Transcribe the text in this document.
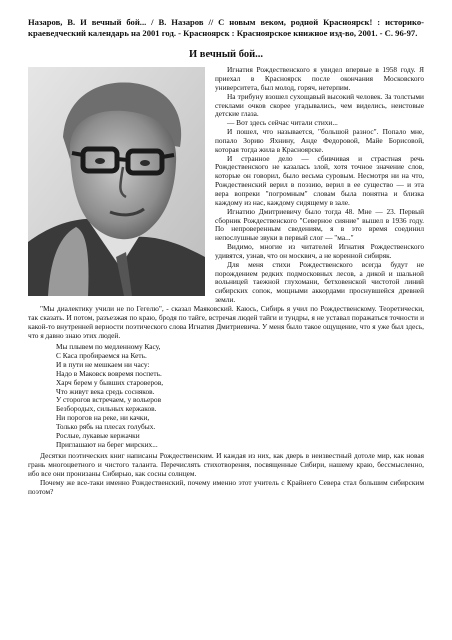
Назаров, В. И вечный бой... / В. Назаров // С новым веком, родной Красноярск! : историко-краеведческий календарь на 2001 год. - Красноярск : Красноярское книжное изд-во, 2001. - С. 96-97.

И вечный бой...

Игнатия Рождественского я увидел впервые в 1958 году. Я приехал в Красноярск после окончания Московского университета, был молод, горяч, нетерпим.

На трибуну взошел сухощавый высокий человек. За толстыми стеклами очков скорее угадывались, чем виделись, неистовые детские глаза.

— Вот здесь сейчас читали стихи...

И пошел, что называется, "большой разнос". Попало мне, попало Зорию Яхнину, Анде Федоровой, Майе Борисовой, которая тогда жила в Красноярске.

И странное дело — сбивчивая и страстная речь Рождественского не казалась злой, хотя точное значение слов, которые он говорил, было весьма суровым. Несмотря ни на что, Рождественский верил в поэзию, верил в ее существо — и эта вера вопреки "погромным" словам была понятна и близка каждому из нас, каждому сидящему в зале.

Игнатию Дмитриевичу было тогда 48. Мне — 23. Первый сборник Рождественского "Северное сияние" вышел в 1936 году. По непроверенным сведениям, я в это время соединил непослушные звуки в первый слог — "ма..."

Видимо, многие из читателей Игнатия Рождественского удивятся, узнав, что он москвич, а не коренной сибиряк.

Для меня стихи Рождественского всегда будут не порождением редких подмосковных лесов, а дикой и шальной вольницей таежной глухомани, бетховенской чистотой линий сибирских сопок, мощными аккордами проснувшейся древней земли.

"Мы диалектику учили не по Гегелю", - сказал Маяковский. Каюсь, Сибирь я учил по Рождественскому. Теоретически, так сказать. И потом, разъезжая по краю, бродя по тайге, встречая людей тайги и тундры, я не уставал поражаться точности и какой-то внутренней верности поэтического слова Игнатия Дмитриевича. У меня было такое ощущение, что я уже был здесь, что я давно знаю этих людей.

Мы плывем по медленному Касу,
С Каса пробираемся на Кеть.
И в пути не мешкаем ни часу:
Надо в Маковск вовремя поспеть.
Харч берем у бывших староверов,
Что живут века средь сосняков.
У сторогов встречаем, у вольеров
Безбородых, сильных кержаков.
Ни порогов на реке, ни качки,
Только рябь на плесах голубых.
Рослые, лукавые кержачки
Приглашают на берег мирских...

Десятки поэтических книг написаны Рождественским. И каждая из них, как дверь в неизвестный дотоле мир, как новая грань многоцветного и чистого таланта. Перечислять стихотворения, посвященные Сибири, нашему краю, бессмысленно, ибо все они пронизаны Сибирью, как сосны солнцем.

Почему же все-таки именно Рождественский, почему именно этот учитель с Крайнего Севера стал большим сибирским поэтом?
